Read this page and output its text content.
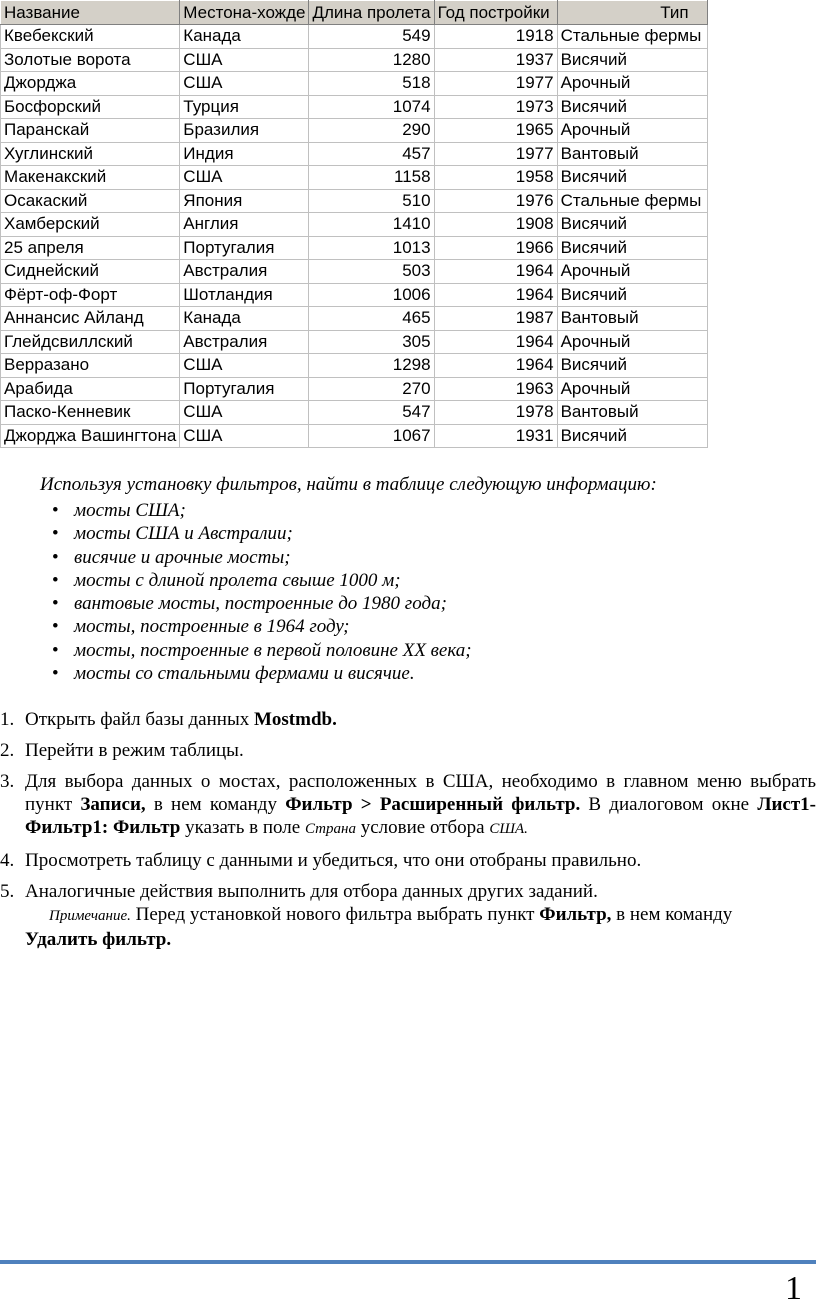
Название	Местона-хожде	Длина пролета	Год постройки	Тип
Квебекский	Канада	549	1918	Стальные фермы
Золотые ворота	США	1280	1937	Висячий
Джорджа	США	518	1977	Арочный
Босфорский	Турция	1074	1973	Висячий
Паранскай	Бразилия	290	1965	Арочный
Хуглинский	Индия	457	1977	Вантовый
Макенакский	США	1158	1958	Висячий
Осакаский	Япония	510	1976	Стальные фермы
Хамберский	Англия	1410	1908	Висячий
25 апреля	Португалия	1013	1966	Висячий
Сиднейский	Австралия	503	1964	Арочный
Фёрт-оф-Форт	Шотландия	1006	1964	Висячий
Аннансис Айланд	Канада	465	1987	Вантовый
Глейдсвиллский	Австралия	305	1964	Арочный
Верразано	США	1298	1964	Висячий
Арабида	Португалия	270	1963	Арочный
Паско-Кенневик	США	547	1978	Вантовый
Джорджа Вашингтона	США	1067	1931	Висячий
Используя установку фильтров, найти в таблице следующую информацию:
• мосты США;
• мосты США и Австралии;
• висячие и арочные мосты;
• мосты с длиной пролета свыше 1000 м;
• вантовые мосты, построенные до 1980 года;
• мосты, построенные в 1964 году;
• мосты, построенные в первой половине XX века;
• мосты со стальными фермами и висячие.
1. Открыть файл базы данных Mostmdb.
2. Перейти в режим таблицы.
3. Для выбора данных о мостах, расположенных в США, необходимо в главном меню выбрать пункт Записи, в нем команду Фильтр > Расширенный фильтр. В диалоговом окне Лист1-Фильтр1: Фильтр указать в поле Страна условие отбора США.
4. Просмотреть таблицу с данными и убедиться, что они отобраны правильно.
5. Аналогичные действия выполнить для отбора данных других заданий.
Примечание. Перед установкой нового фильтра выбрать пункт Фильтр, в нем команду
Удалить фильтр.
1
